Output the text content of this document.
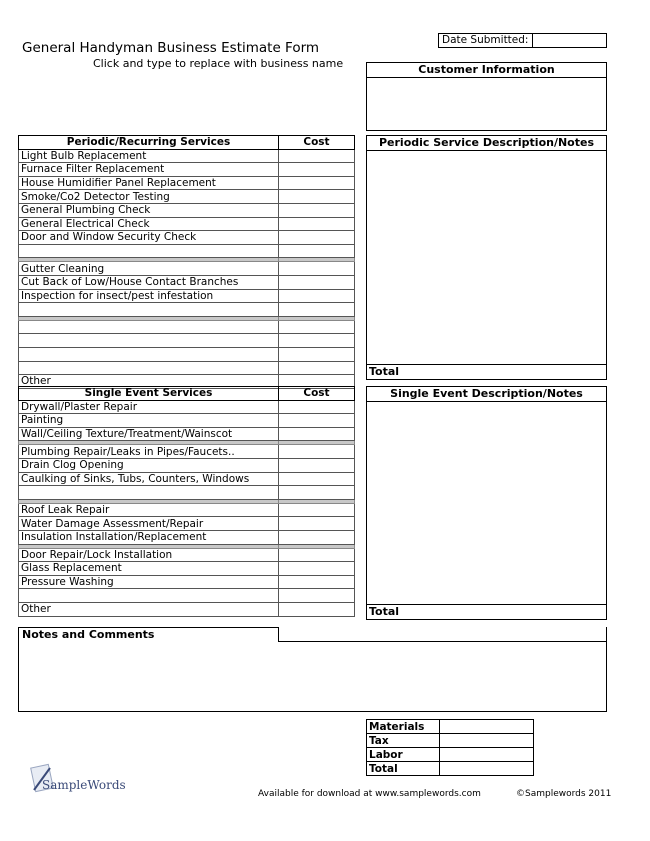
General Handyman Business Estimate Form
Click and type to replace with business name
Date Submitted:
Customer Information
Periodic/Recurring Services	Cost
Light Bulb Replacement	
Furnace Filter Replacement	
House Humidifier Panel Replacement	
Smoke/Co2 Detector Testing	
General Plumbing Check	
General Electrical Check	
Door and Window Security Check	

Gutter Cleaning	
Cut Back of Low/House Contact Branches	
Inspection for insect/pest infestation	

Other	
Periodic Service Description/Notes
Total
Single Event Services	Cost
Drywall/Plaster Repair	
Painting	
Wall/Ceiling Texture/Treatment/Wainscot	

Plumbing Repair/Leaks in Pipes/Faucets..	
Drain Clog Opening	
Caulking of Sinks, Tubs, Counters, Windows	

Roof Leak Repair	
Water Damage Assessment/Repair	
Insulation Installation/Replacement	

Door Repair/Lock Installation	
Glass Replacement	
Pressure Washing	

Other	
Single Event Description/Notes
Total
Notes and Comments
Materials	
Tax	
Labor	
Total	
SampleWords
Available for download at www.samplewords.com	©Samplewords 2011
